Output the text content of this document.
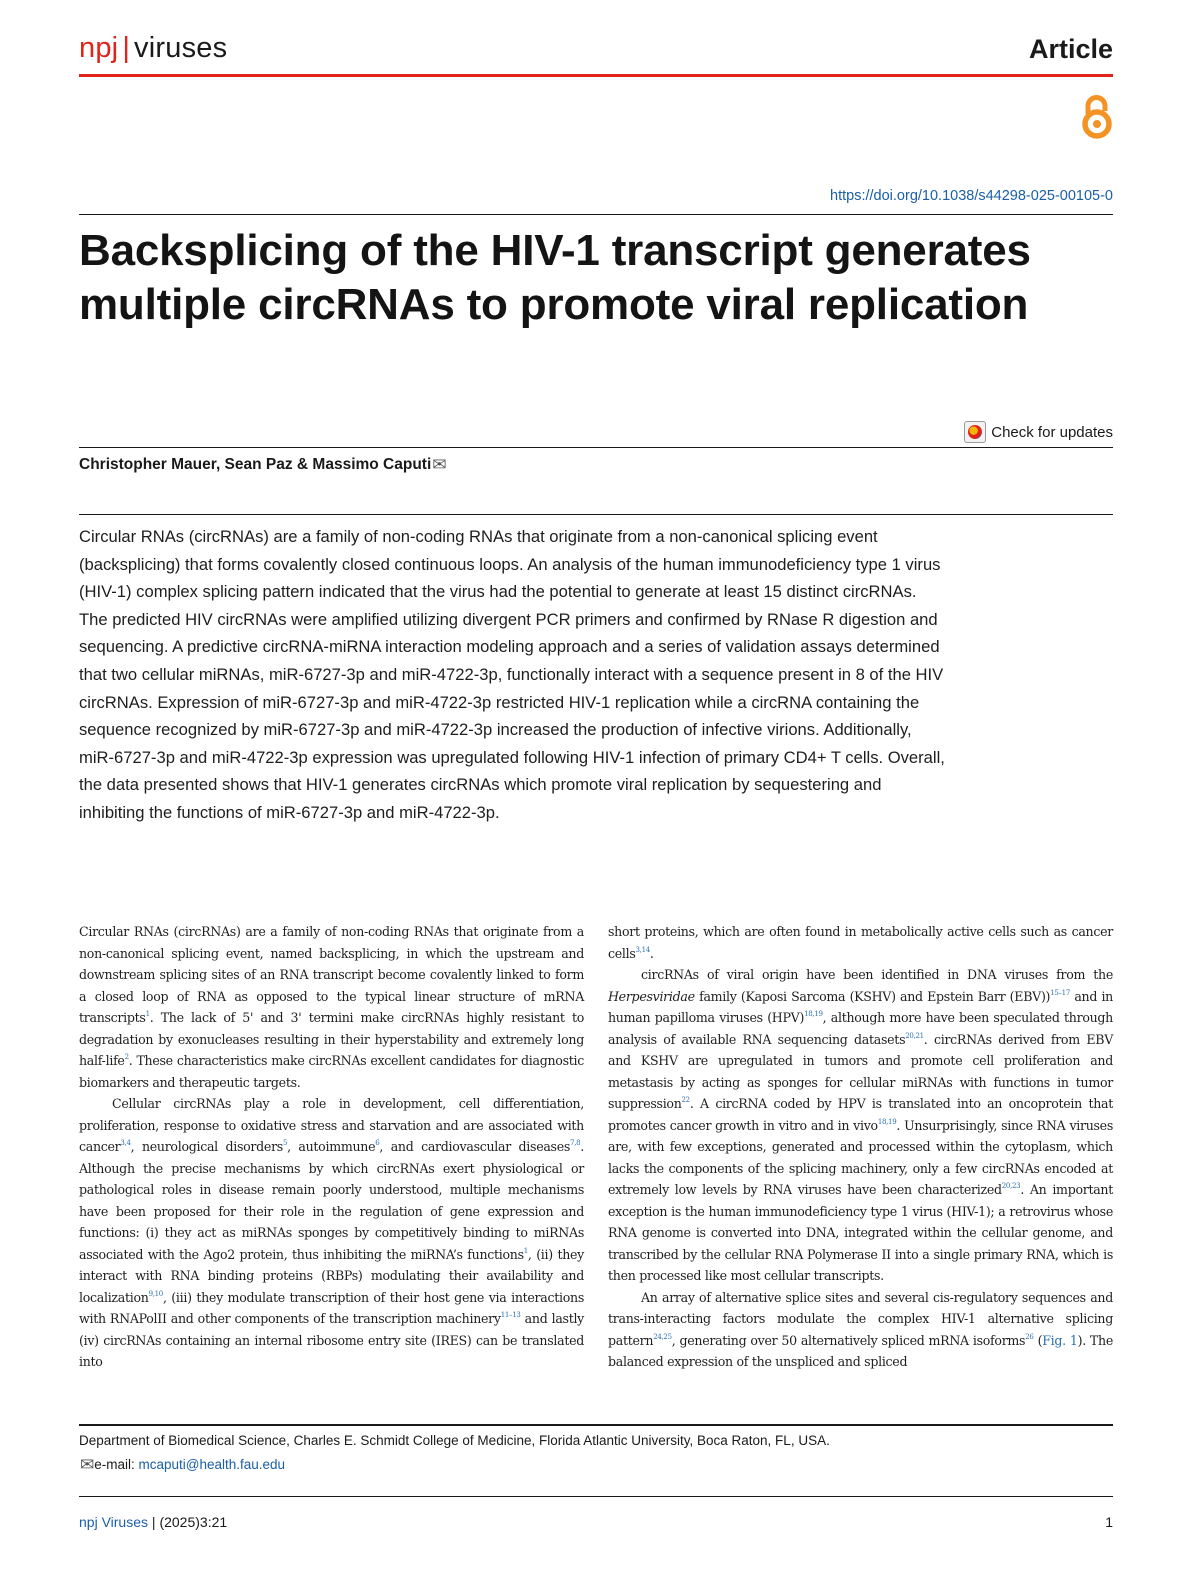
npj | viruses	Article
https://doi.org/10.1038/s44298-025-00105-0
Backsplicing of the HIV-1 transcript generates multiple circRNAs to promote viral replication
Check for updates
Christopher Mauer, Sean Paz & Massimo Caputi✉

Circular RNAs (circRNAs) are a family of non-coding RNAs that originate from a non-canonical splicing event (backsplicing) that forms covalently closed continuous loops. An analysis of the human immunodeficiency type 1 virus (HIV-1) complex splicing pattern indicated that the virus had the potential to generate at least 15 distinct circRNAs. The predicted HIV circRNAs were amplified utilizing divergent PCR primers and confirmed by RNase R digestion and sequencing. A predictive circRNA-miRNA interaction modeling approach and a series of validation assays determined that two cellular miRNAs, miR-6727-3p and miR-4722-3p, functionally interact with a sequence present in 8 of the HIV circRNAs. Expression of miR-6727-3p and miR-4722-3p restricted HIV-1 replication while a circRNA containing the sequence recognized by miR-6727-3p and miR-4722-3p increased the production of infective virions. Additionally, miR-6727-3p and miR-4722-3p expression was upregulated following HIV-1 infection of primary CD4+ T cells. Overall, the data presented shows that HIV-1 generates circRNAs which promote viral replication by sequestering and inhibiting the functions of miR-6727-3p and miR-4722-3p.

Circular RNAs (circRNAs) are a family of non-coding RNAs that originate from a non-canonical splicing event, named backsplicing, in which the upstream and downstream splicing sites of an RNA transcript become covalently linked to form a closed loop of RNA as opposed to the typical linear structure of mRNA transcripts$^1$. The lack of 5' and 3' termini make circRNAs highly resistant to degradation by exonucleases resulting in their hyperstability and extremely long half-life$^2$. These characteristics make circRNAs excellent candidates for diagnostic biomarkers and therapeutic targets.

Cellular circRNAs play a role in development, cell differentiation, proliferation, response to oxidative stress and starvation and are associated with cancer$^{3,4}$, neurological disorders$^5$, autoimmune$^6$, and cardiovascular diseases$^{7,8}$. Although the precise mechanisms by which circRNAs exert physiological or pathological roles in disease remain poorly understood, multiple mechanisms have been proposed for their role in the regulation of gene expression and functions: (i) they act as miRNAs sponges by competitively binding to miRNAs associated with the Ago2 protein, thus inhibiting the miRNA’s functions$^1$, (ii) they interact with RNA binding proteins (RBPs) modulating their availability and localization$^{9,10}$, (iii) they modulate transcription of their host gene via interactions with RNAPolII and other components of the transcription machinery$^{11-13}$ and lastly (iv) circRNAs containing an internal ribosome entry site (IRES) can be translated into

short proteins, which are often found in metabolically active cells such as cancer cells$^{3,14}$.

circRNAs of viral origin have been identified in DNA viruses from the Herpesviridae family (Kaposi Sarcoma (KSHV) and Epstein Barr (EBV))$^{15-17}$ and in human papilloma viruses (HPV)$^{18,19}$, although more have been speculated through analysis of available RNA sequencing datasets$^{20,21}$. circRNAs derived from EBV and KSHV are upregulated in tumors and promote cell proliferation and metastasis by acting as sponges for cellular miRNAs with functions in tumor suppression$^{22}$. A circRNA coded by HPV is translated into an oncoprotein that promotes cancer growth in vitro and in vivo$^{18,19}$. Unsurprisingly, since RNA viruses are, with few exceptions, generated and processed within the cytoplasm, which lacks the components of the splicing machinery, only a few circRNAs encoded at extremely low levels by RNA viruses have been characterized$^{20,23}$. An important exception is the human immunodeficiency type 1 virus (HIV-1); a retrovirus whose RNA genome is converted into DNA, integrated within the cellular genome, and transcribed by the cellular RNA Polymerase II into a single primary RNA, which is then processed like most cellular transcripts.

An array of alternative splice sites and several cis-regulatory sequences and trans-interacting factors modulate the complex HIV-1 alternative splicing pattern$^{24,25}$, generating over 50 alternatively spliced mRNA isoforms$^{26}$ (Fig. 1). The balanced expression of the unspliced and spliced

Department of Biomedical Science, Charles E. Schmidt College of Medicine, Florida Atlantic University, Boca Raton, FL, USA.
✉e-mail: mcaputi@health.fau.edu
npj Viruses | (2025)3:21	1
